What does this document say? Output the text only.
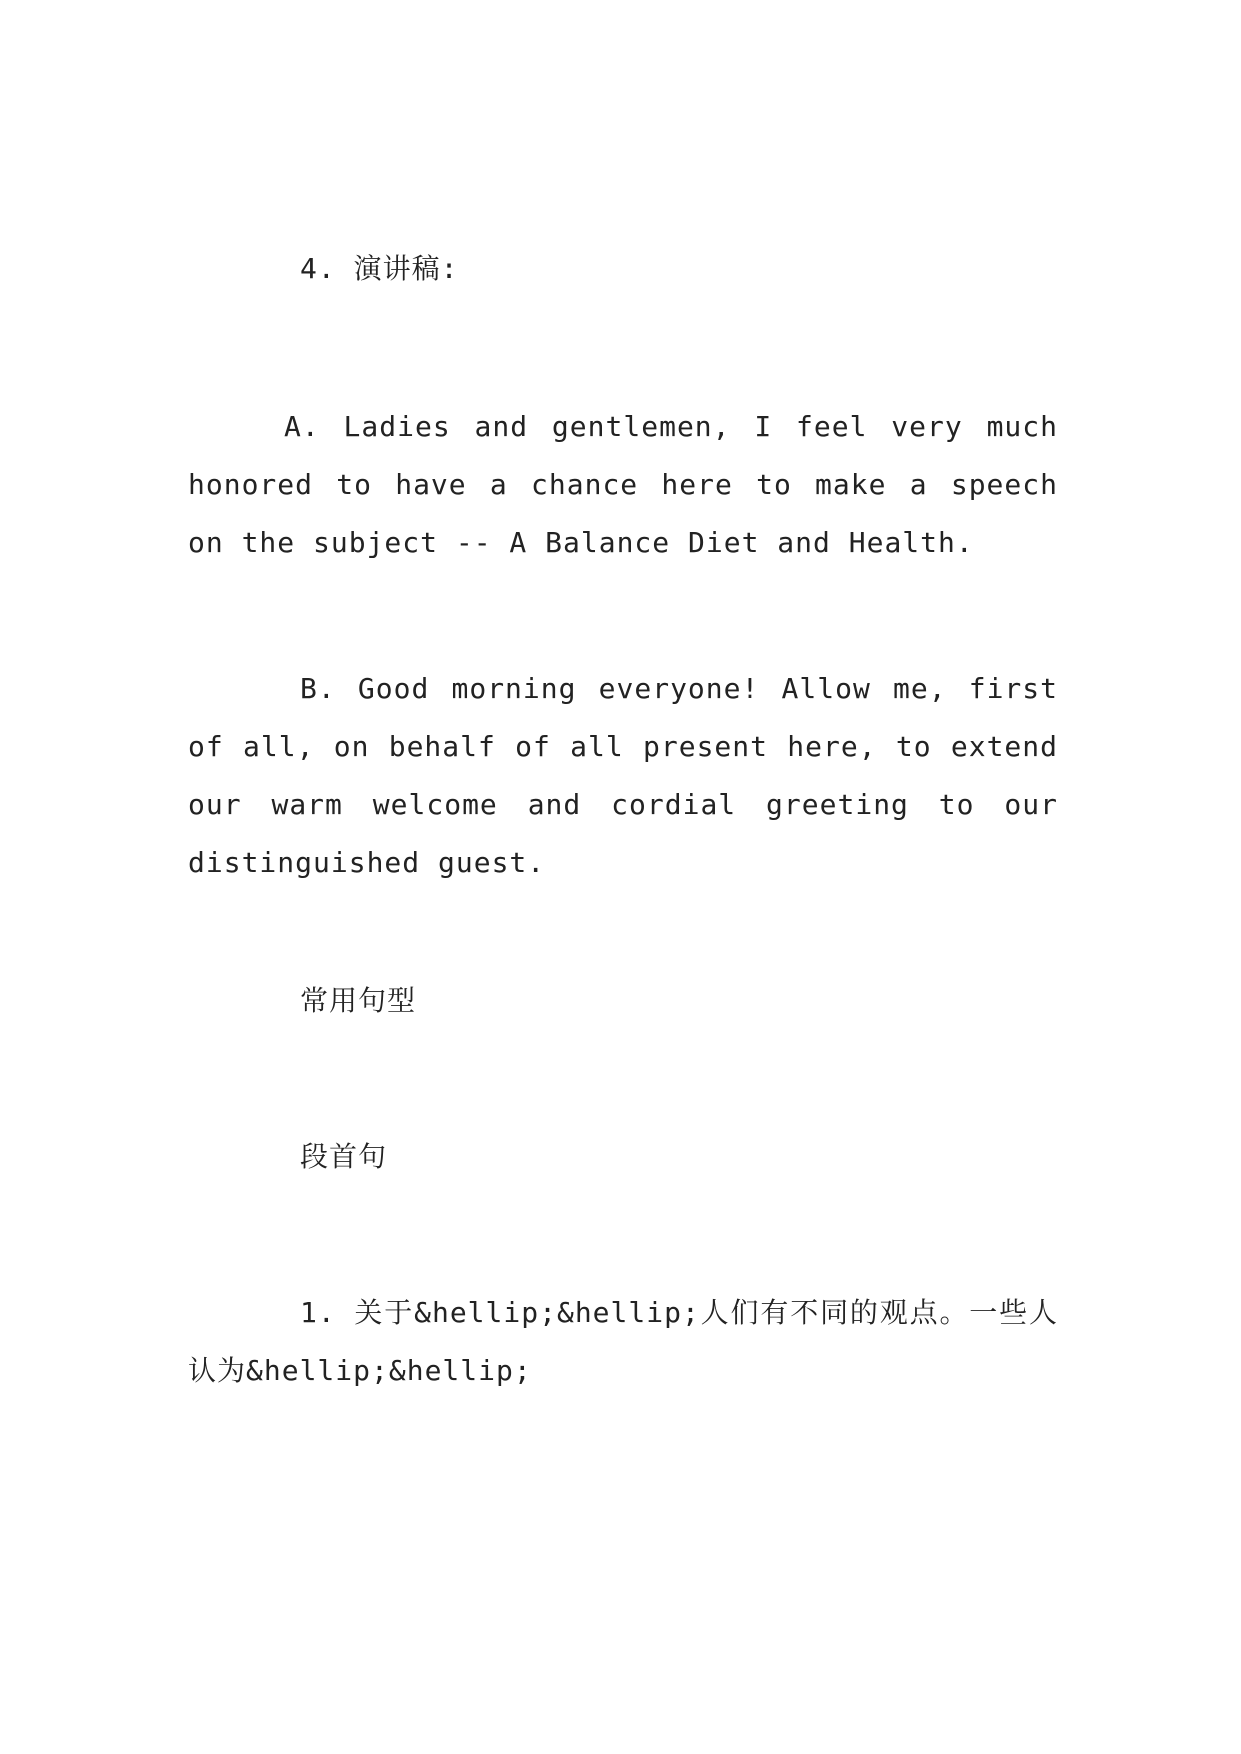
4. 演讲稿:
A. Ladies and gentlemen, I feel very much honored to have a chance here to make a speech on the subject -- A Balance Diet and Health.
B. Good morning everyone! Allow me, first of all, on behalf of all present here, to extend our warm welcome and cordial greeting to our distinguished guest.
常用句型
段首句
1. 关于&hellip;&hellip;人们有不同的观点。一些人认为&hellip;&hellip;
